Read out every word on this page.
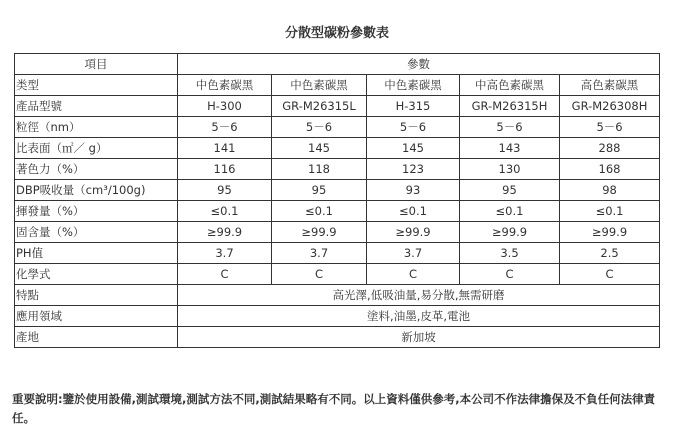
分散型碳粉參數表
項目	參數				
类型	中色素碳黑	中色素碳黑	中色素碳黑	中高色素碳黑	高色素碳黑
產品型號	H-300	GR-M26315L	H-315	GR-M26315H	GR-M26308H
粒徑（nm）	5－6	5－6	5－6	5－6	5－6
比表面（㎡／ g）	141	145	145	143	288
著色力（%）	116	118	123	130	168
DBP吸收量（cm³/100g)	95	95	93	95	98
揮發量（%）	≤0.1	≤0.1	≤0.1	≤0.1	≤0.1
固含量（%）	≥99.9	≥99.9	≥99.9	≥99.9	≥99.9
PH值	3.7	3.7	3.7	3.5	2.5
化學式	C	C	C	C	C
特點	高光澤,低吸油量,易分散,無需研磨				
應用領域	塗料,油墨,皮革,電池				
產地	新加坡				
重要說明:鑒於使用設備,測試環境,測試方法不同,測試結果略有不同。以上資料僅供參考,本公司不作法律擔保及不負任何法律責任。
